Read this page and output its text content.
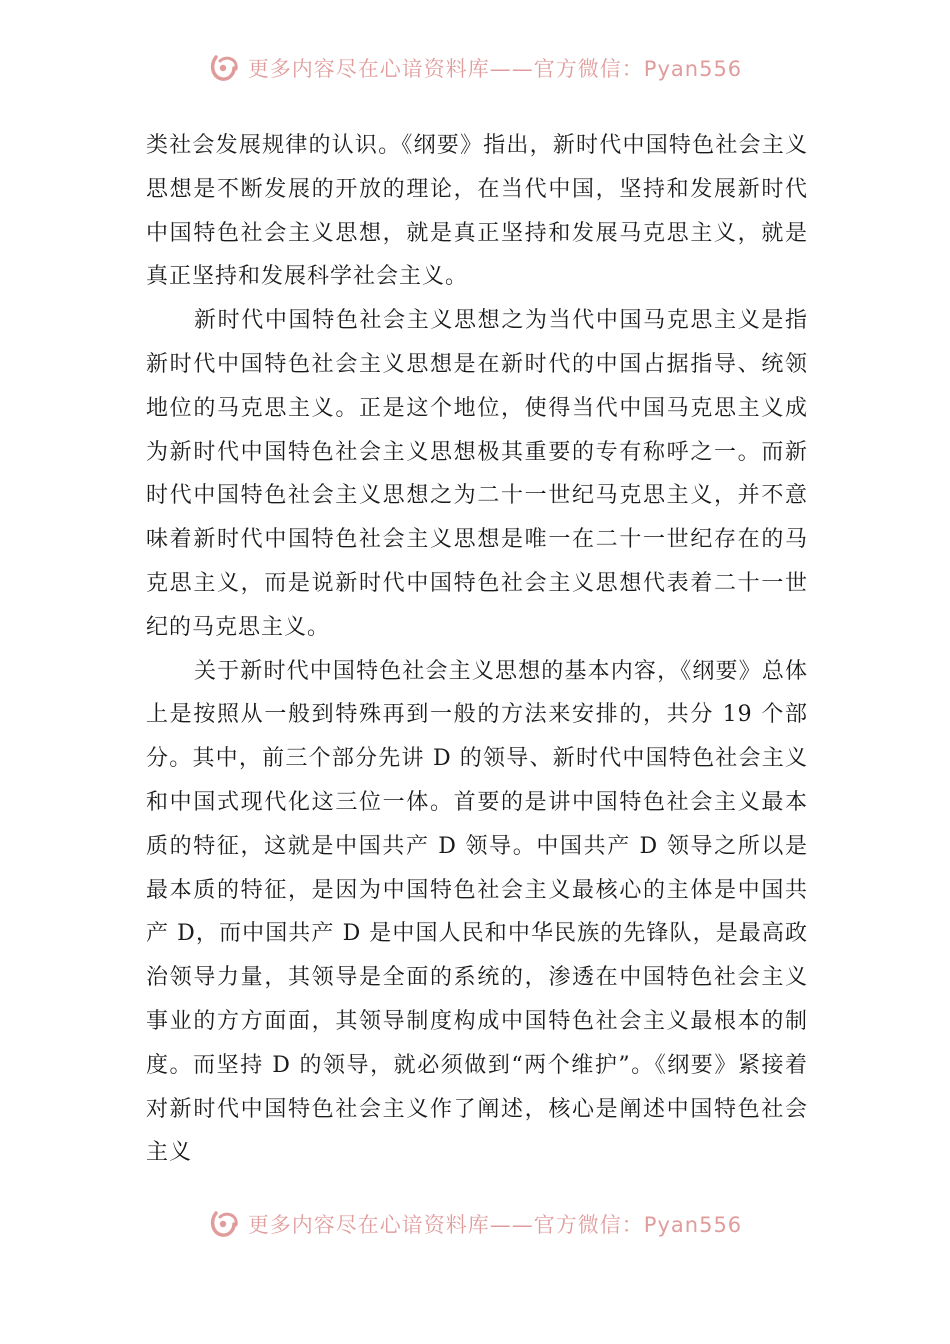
更多内容尽在心谙资料库——官方微信：Pyan556

类社会发展规律的认识。《纲要》指出，新时代中国特色社会主义思想是不断发展的开放的理论，在当代中国，坚持和发展新时代中国特色社会主义思想，就是真正坚持和发展马克思主义，就是真正坚持和发展科学社会主义。

新时代中国特色社会主义思想之为当代中国马克思主义是指新时代中国特色社会主义思想是在新时代的中国占据指导、统领地位的马克思主义。正是这个地位，使得当代中国马克思主义成为新时代中国特色社会主义思想极其重要的专有称呼之一。而新时代中国特色社会主义思想之为二十一世纪马克思主义，并不意味着新时代中国特色社会主义思想是唯一在二十一世纪存在的马克思主义，而是说新时代中国特色社会主义思想代表着二十一世纪的马克思主义。

关于新时代中国特色社会主义思想的基本内容，《纲要》总体上是按照从一般到特殊再到一般的方法来安排的，共分 19 个部分。其中，前三个部分先讲 D 的领导、新时代中国特色社会主义和中国式现代化这三位一体。首要的是讲中国特色社会主义最本质的特征，这就是中国共产 D 领导。中国共产 D 领导之所以是最本质的特征，是因为中国特色社会主义最核心的主体是中国共产 D，而中国共产 D 是中国人民和中华民族的先锋队，是最高政治领导力量，其领导是全面的系统的，渗透在中国特色社会主义事业的方方面面，其领导制度构成中国特色社会主义最根本的制度。而坚持 D 的领导，就必须做到“两个维护”。《纲要》紧接着对新时代中国特色社会主义作了阐述，核心是阐述中国特色社会主义

更多内容尽在心谙资料库——官方微信：Pyan556
